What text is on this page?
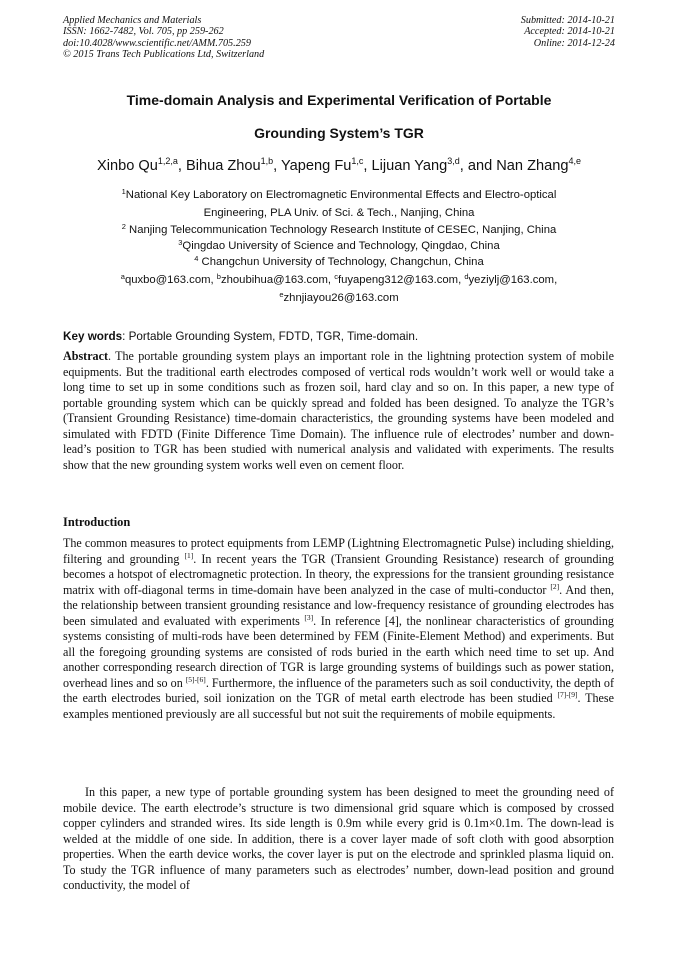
Applied Mechanics and Materials
ISSN: 1662-7482, Vol. 705, pp 259-262
doi:10.4028/www.scientific.net/AMM.705.259
© 2015 Trans Tech Publications Ltd, Switzerland
Submitted: 2014-10-21
Accepted: 2014-10-21
Online: 2014-12-24
Time-domain Analysis and Experimental Verification of Portable
Grounding System’s TGR
Xinbo Qu$^{1,2,a}$, Bihua Zhou$^{1,b}$, Yapeng Fu$^{1,c}$, Lijuan Yang$^{3,d}$, and Nan Zhang$^{4,e}$
$^1$National Key Laboratory on Electromagnetic Environmental Effects and Electro-optical
Engineering, PLA Univ. of Sci. & Tech., Nanjing, China
$^2$ Nanjing Telecommunication Technology Research Institute of CESEC, Nanjing, China
$^3$Qingdao University of Science and Technology, Qingdao, China
$^4$ Changchun University of Technology, Changchun, China
$^a$quxbo@163.com, $^b$zhoubihua@163.com, $^c$fuyapeng312@163.com, $^d$yeziylj@163.com,
$^e$zhnjiayou26@163.com
Key words: Portable Grounding System, FDTD, TGR, Time-domain.
Abstract. The portable grounding system plays an important role in the lightning protection system of mobile equipments. But the traditional earth electrodes composed of vertical rods wouldn’t work well or would take a long time to set up in some conditions such as frozen soil, hard clay and so on. In this paper, a new type of portable grounding system which can be quickly spread and folded has been designed. To analyze the TGR’s (Transient Grounding Resistance) time-domain characteristics, the grounding systems have been modeled and simulated with FDTD (Finite Difference Time Domain). The influence rule of electrodes’ number and down-lead’s position to TGR has been studied with numerical analysis and validated with experiments. The results show that the new grounding system works well even on cement floor.
Introduction
The common measures to protect equipments from LEMP (Lightning Electromagnetic Pulse) including shielding, filtering and grounding [1]. In recent years the TGR (Transient Grounding Resistance) research of grounding becomes a hotspot of electromagnetic protection. In theory, the expressions for the transient grounding resistance matrix with off-diagonal terms in time-domain have been analyzed in the case of multi-conductor [2]. And then, the relationship between transient grounding resistance and low-frequency resistance of grounding electrodes has been simulated and evaluated with experiments [3]. In reference [4], the nonlinear characteristics of grounding systems consisting of multi-rods have been determined by FEM (Finite-Element Method) and experiments. But all the foregoing grounding systems are consisted of rods buried in the earth which need time to set up. And another corresponding research direction of TGR is large grounding systems of buildings such as power station, overhead lines and so on [5]-[6]. Furthermore, the influence of the parameters such as soil conductivity, the depth of the earth electrodes buried, soil ionization on the TGR of metal earth electrode has been studied [7]-[9]. These examples mentioned previously are all successful but not suit the requirements of mobile equipments.
In this paper, a new type of portable grounding system has been designed to meet the grounding need of mobile device. The earth electrode’s structure is two dimensional grid square which is composed by crossed copper cylinders and stranded wires. Its side length is 0.9m while every grid is 0.1m×0.1m. The down-lead is welded at the middle of one side. In addition, there is a cover layer made of soft cloth with good absorption properties. When the earth device works, the cover layer is put on the electrode and sprinkled plasma liquid on. To study the TGR influence of many parameters such as electrodes’ number, down-lead position and ground conductivity, the model of
